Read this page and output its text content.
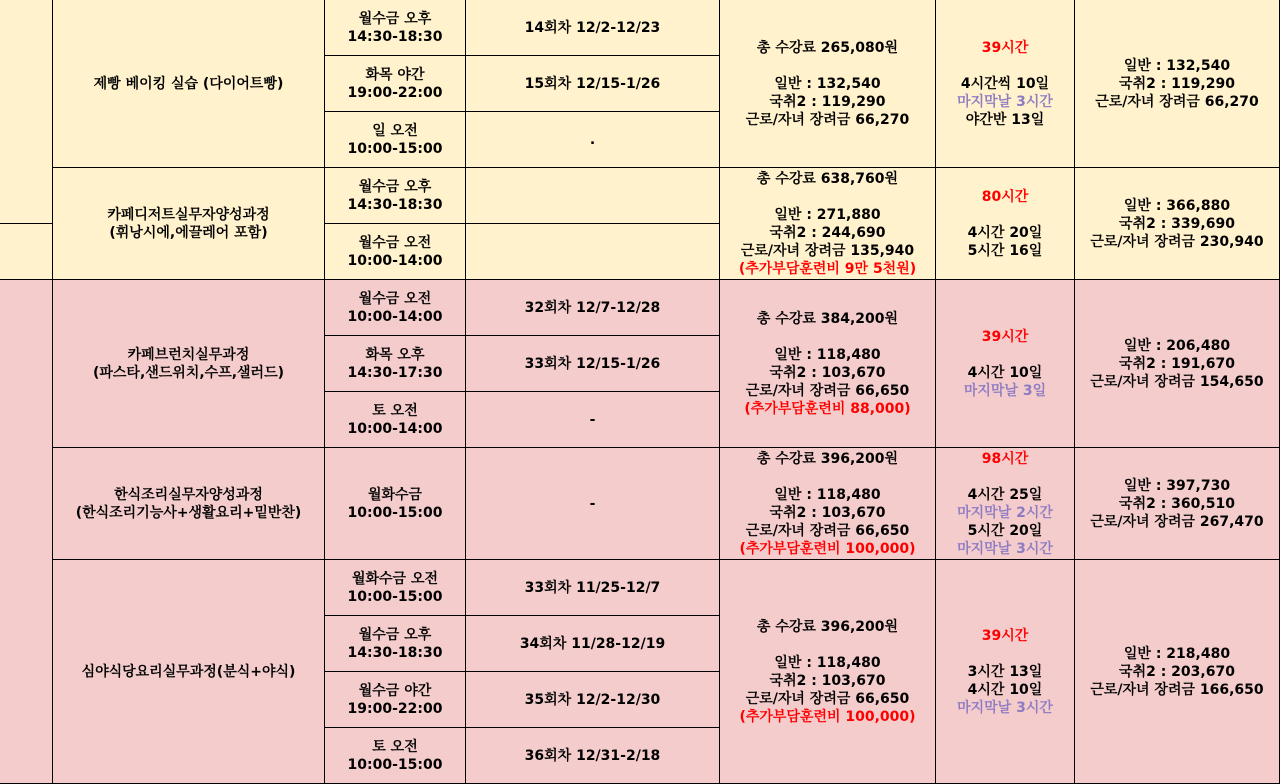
제빵 베이킹 실습 (다이어트빵)
월수금 오후
14:30-18:30
14회차 12/2-12/23
화목 야간
19:00-22:00
15회차 12/15-1/26
일 오전
10:00-15:00
.
총 수강료 265,080원
일반 : 132,540
국취2 : 119,290
근로/자녀 장려금 66,270
39시간
4시간씩 10일
마지막날 3시간
야간반 13일
일반 : 132,540
국취2 : 119,290
근로/자녀 장려금 66,270
카페디저트실무자양성과정
(휘낭시에,에끌레어 포함)
월수금 오후
14:30-18:30
월수금 오전
10:00-14:00
총 수강료 638,760원
일반 : 271,880
국취2 : 244,690
근로/자녀 장려금 135,940
(추가부담훈련비 9만 5천원)
80시간
4시간 20일
5시간 16일
일반 : 366,880
국취2 : 339,690
근로/자녀 장려금 230,940
카페브런치실무과정
(파스타,샌드위치,수프,샐러드)
월수금 오전
10:00-14:00
32회차 12/7-12/28
화목 오후
14:30-17:30
33회차 12/15-1/26
토 오전
10:00-14:00
-
총 수강료 384,200원
일반 : 118,480
국취2 : 103,670
근로/자녀 장려금 66,650
(추가부담훈련비 88,000)
39시간
4시간 10일
마지막날 3일
일반 : 206,480
국취2 : 191,670
근로/자녀 장려금 154,650
한식조리실무자양성과정
(한식조리기능사+생활요리+밑반찬)
월화수금
10:00-15:00
-
총 수강료 396,200원
일반 : 118,480
국취2 : 103,670
근로/자녀 장려금 66,650
(추가부담훈련비 100,000)
98시간
4시간 25일
마지막날 2시간
5시간 20일
마지막날 3시간
일반 : 397,730
국취2 : 360,510
근로/자녀 장려금 267,470
심야식당요리실무과정(분식+야식)
월화수금 오전
10:00-15:00
33회차 11/25-12/7
월수금 오후
14:30-18:30
34회차 11/28-12/19
월수금 야간
19:00-22:00
35회차 12/2-12/30
토 오전
10:00-15:00
36회차 12/31-2/18
총 수강료 396,200원
일반 : 118,480
국취2 : 103,670
근로/자녀 장려금 66,650
(추가부담훈련비 100,000)
39시간
3시간 13일
4시간 10일
마지막날 3시간
일반 : 218,480
국취2 : 203,670
근로/자녀 장려금 166,650
